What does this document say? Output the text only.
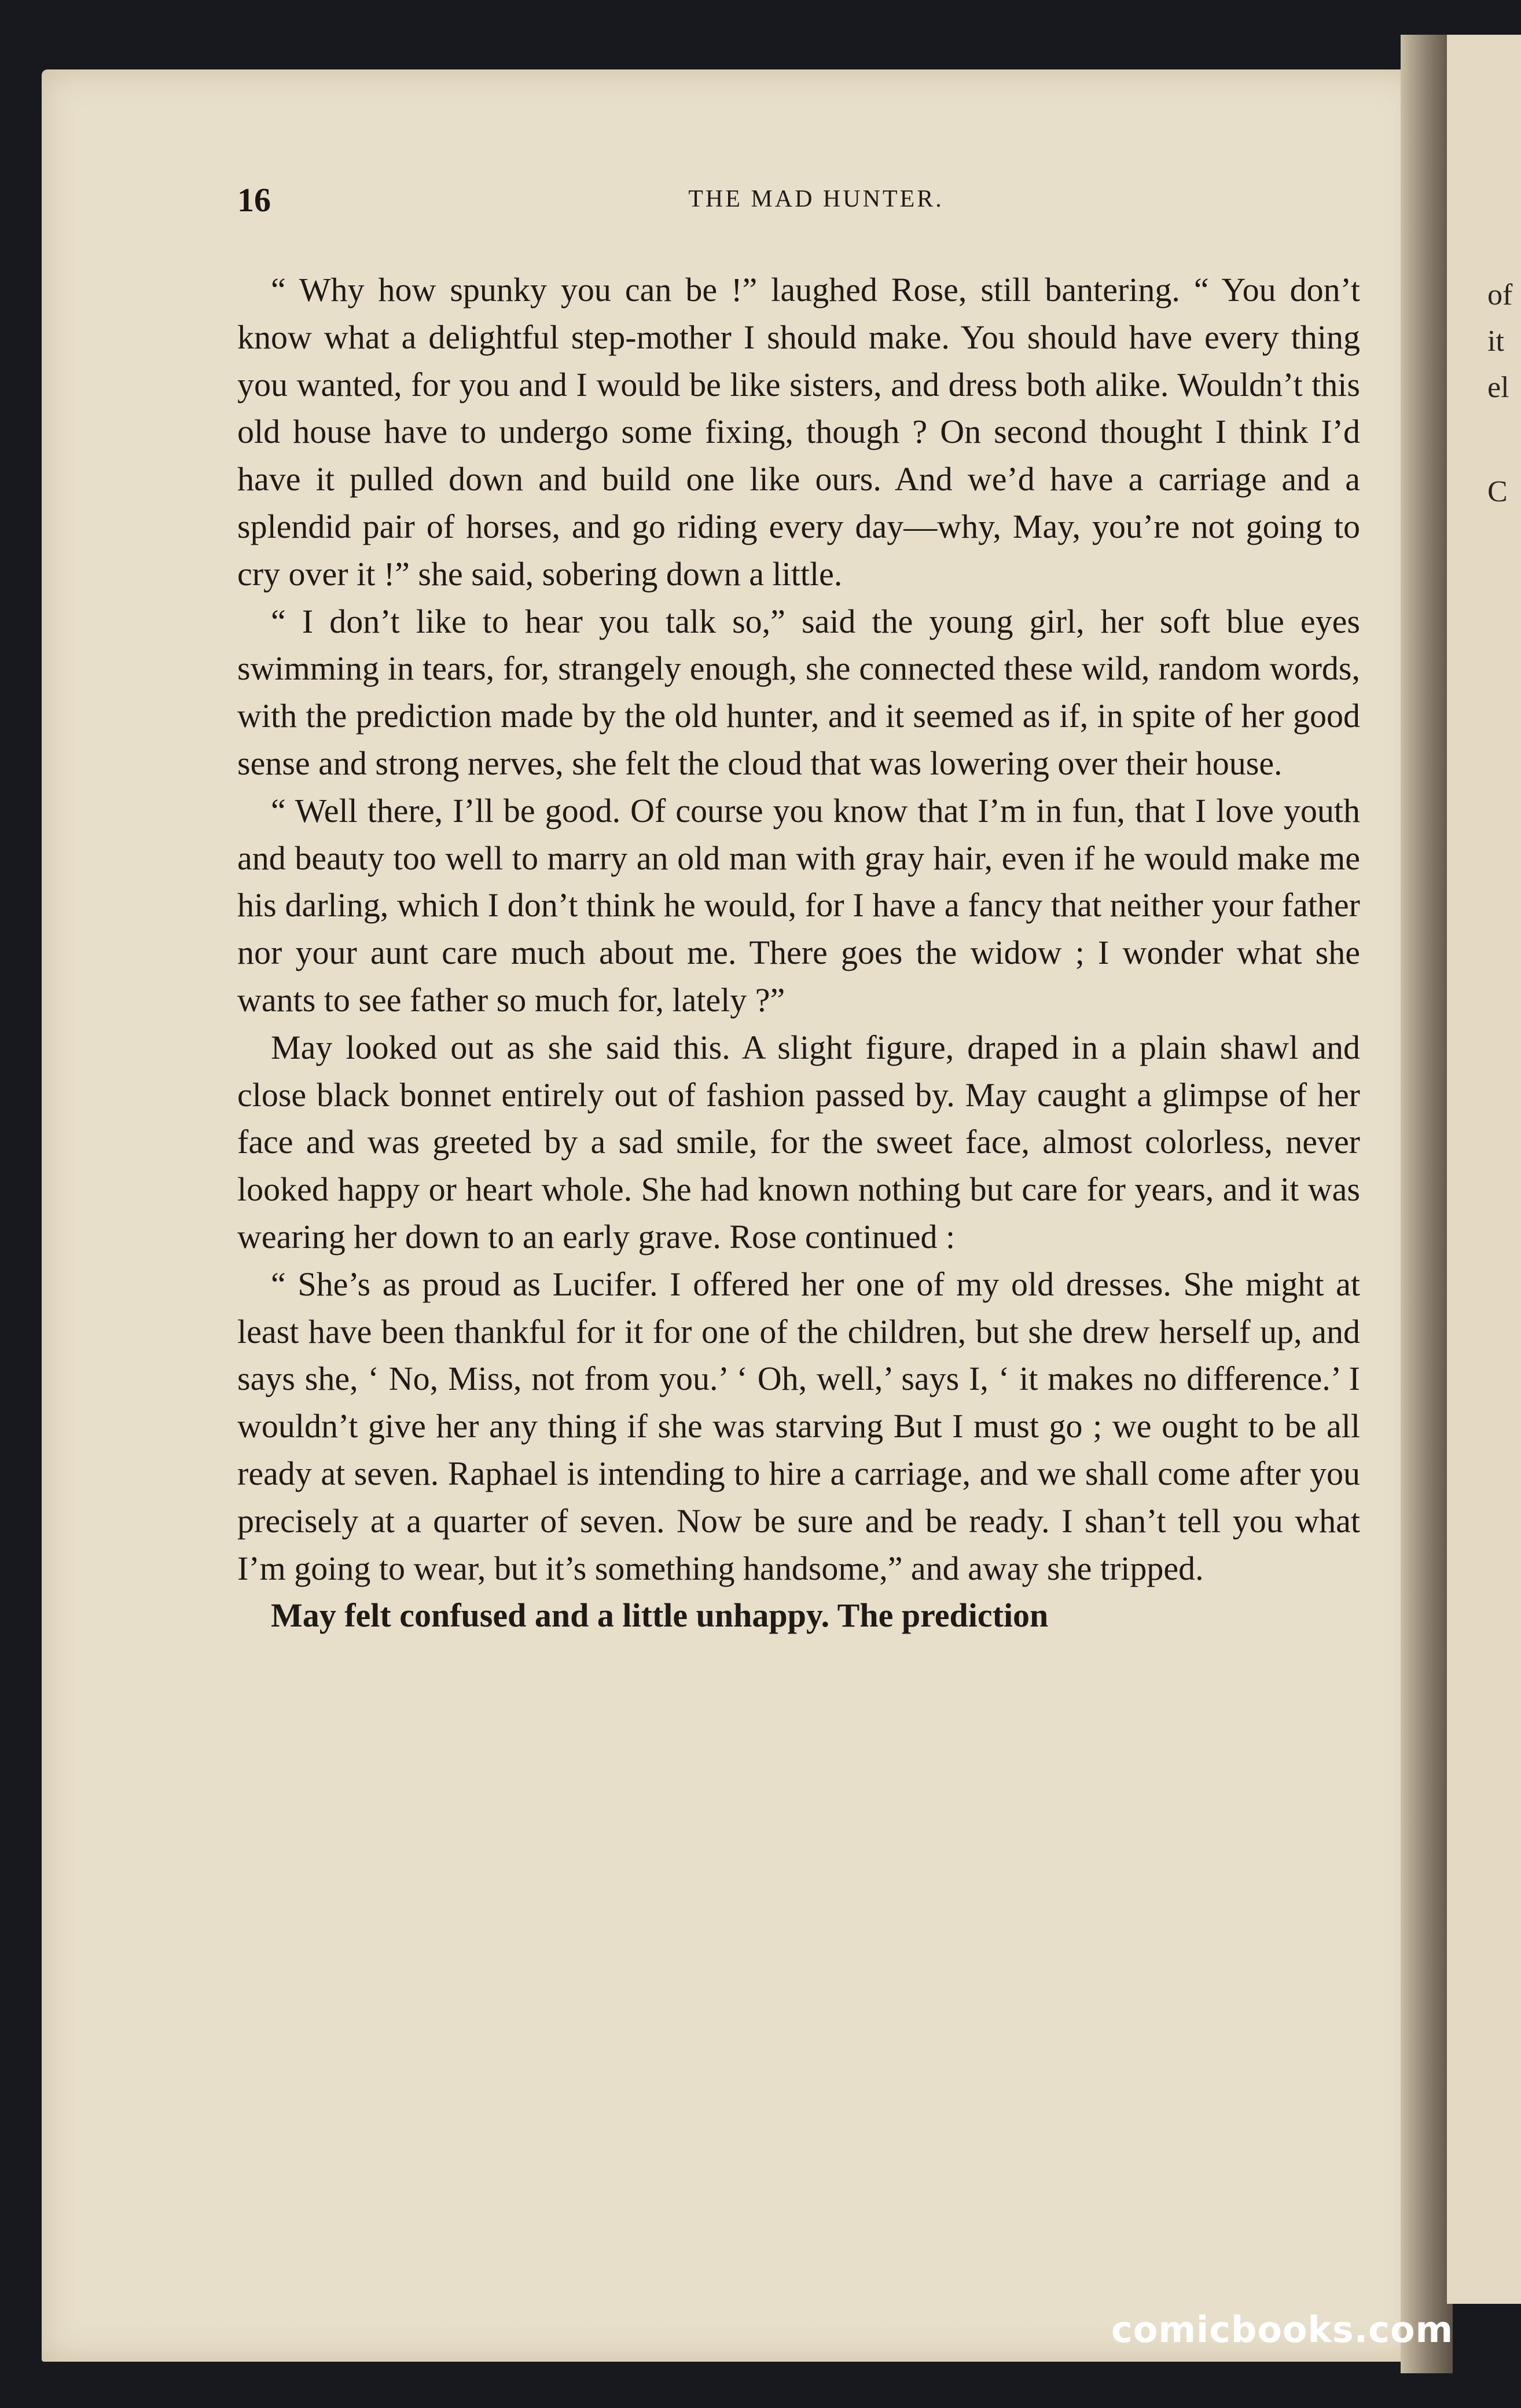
of
it
el
C
16	THE MAD HUNTER.

“ Why how spunky you can be !” laughed Rose, still bantering. “ You don’t know what a delightful step-mother I should make. You should have every thing you wanted, for you and I would be like sisters, and dress both alike. Wouldn’t this old house have to undergo some fixing, though ? On second thought I think I’d have it pulled down and build one like ours. And we’d have a carriage and a splendid pair of horses, and go riding every day—why, May, you’re not going to cry over it !” she said, sobering down a little.

“ I don’t like to hear you talk so,” said the young girl, her soft blue eyes swimming in tears, for, strangely enough, she connected these wild, random words, with the prediction made by the old hunter, and it seemed as if, in spite of her good sense and strong nerves, she felt the cloud that was lowering over their house.

“ Well there, I’ll be good. Of course you know that I’m in fun, that I love youth and beauty too well to marry an old man with gray hair, even if he would make me his darling, which I don’t think he would, for I have a fancy that neither your father nor your aunt care much about me. There goes the widow ; I wonder what she wants to see father so much for, lately ?”

May looked out as she said this. A slight figure, draped in a plain shawl and close black bonnet entirely out of fashion passed by. May caught a glimpse of her face and was greeted by a sad smile, for the sweet face, almost colorless, never looked happy or heart whole. She had known nothing but care for years, and it was wearing her down to an early grave. Rose continued :

“ She’s as proud as Lucifer. I offered her one of my old dresses. She might at least have been thankful for it for one of the children, but she drew herself up, and says she, ‘ No, Miss, not from you.’ ‘ Oh, well,’ says I, ‘ it makes no difference.’ I wouldn’t give her any thing if she was starving But I must go ; we ought to be all ready at seven. Raphael is intending to hire a carriage, and we shall come after you precisely at a quarter of seven. Now be sure and be ready. I shan’t tell you what I’m going to wear, but it’s something handsome,” and away she tripped.

May felt confused and a little unhappy. The prediction

comicbooks.com
